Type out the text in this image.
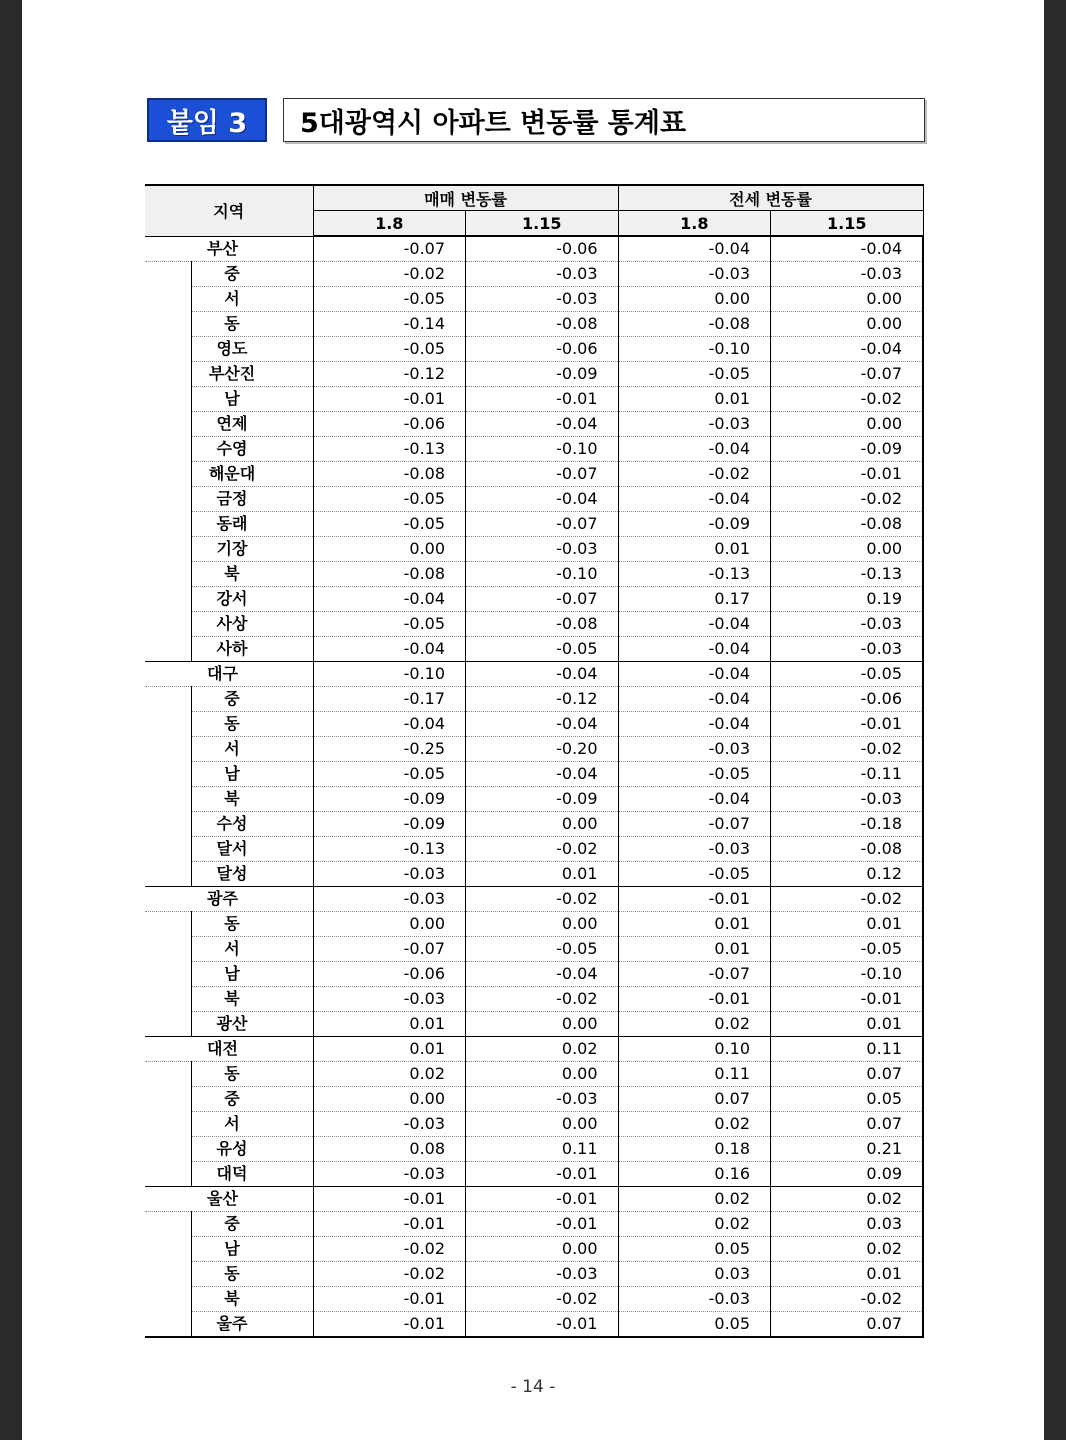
붙임 3	5대광역시 아파트 변동률 통계표
지역		매매 변동률		전세 변동률	
		1.8	1.15	1.8	1.15
부산		-0.07	-0.06	-0.04	-0.04
	중	-0.02	-0.03	-0.03	-0.03
	서	-0.05	-0.03	0.00	0.00
	동	-0.14	-0.08	-0.08	0.00
	영도	-0.05	-0.06	-0.10	-0.04
	부산진	-0.12	-0.09	-0.05	-0.07
	남	-0.01	-0.01	0.01	-0.02
	연제	-0.06	-0.04	-0.03	0.00
	수영	-0.13	-0.10	-0.04	-0.09
	해운대	-0.08	-0.07	-0.02	-0.01
	금정	-0.05	-0.04	-0.04	-0.02
	동래	-0.05	-0.07	-0.09	-0.08
	기장	0.00	-0.03	0.01	0.00
	북	-0.08	-0.10	-0.13	-0.13
	강서	-0.04	-0.07	0.17	0.19
	사상	-0.05	-0.08	-0.04	-0.03
	사하	-0.04	-0.05	-0.04	-0.03
대구		-0.10	-0.04	-0.04	-0.05
	중	-0.17	-0.12	-0.04	-0.06
	동	-0.04	-0.04	-0.04	-0.01
	서	-0.25	-0.20	-0.03	-0.02
	남	-0.05	-0.04	-0.05	-0.11
	북	-0.09	-0.09	-0.04	-0.03
	수성	-0.09	0.00	-0.07	-0.18
	달서	-0.13	-0.02	-0.03	-0.08
	달성	-0.03	0.01	-0.05	0.12
광주		-0.03	-0.02	-0.01	-0.02
	동	0.00	0.00	0.01	0.01
	서	-0.07	-0.05	0.01	-0.05
	남	-0.06	-0.04	-0.07	-0.10
	북	-0.03	-0.02	-0.01	-0.01
	광산	0.01	0.00	0.02	0.01
대전		0.01	0.02	0.10	0.11
	동	0.02	0.00	0.11	0.07
	중	0.00	-0.03	0.07	0.05
	서	-0.03	0.00	0.02	0.07
	유성	0.08	0.11	0.18	0.21
	대덕	-0.03	-0.01	0.16	0.09
울산		-0.01	-0.01	0.02	0.02
	중	-0.01	-0.01	0.02	0.03
	남	-0.02	0.00	0.05	0.02
	동	-0.02	-0.03	0.03	0.01
	북	-0.01	-0.02	-0.03	-0.02
	울주	-0.01	-0.01	0.05	0.07
- 14 -
